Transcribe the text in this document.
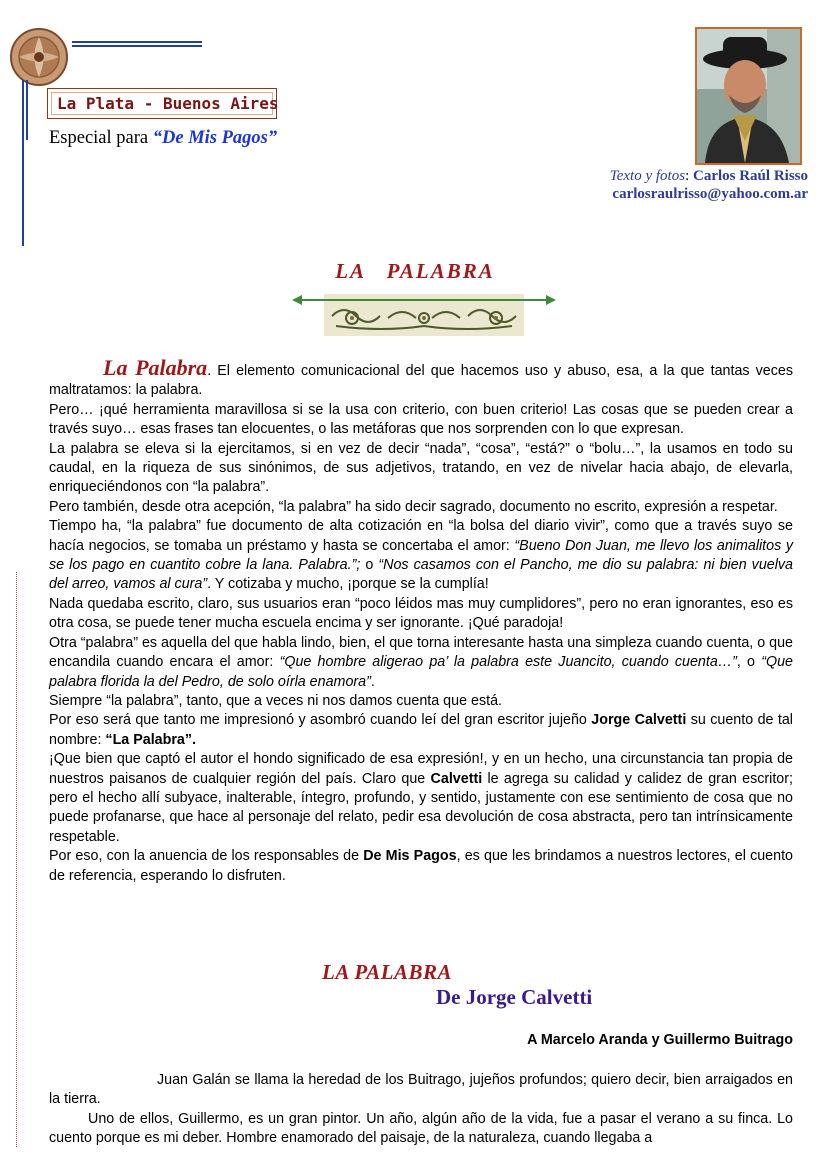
La Plata - Buenos Aires
Especial para “De Mis Pagos”
Texto y fotos: Carlos Raúl Risso
carlosraulrisso@yahoo.com.ar
LA   PALABRA

La Palabra. El elemento comunicacional del que hacemos uso y abuso, esa, a la que tantas veces maltratamos: la palabra.

Pero… ¡qué herramienta maravillosa si se la usa con criterio, con buen criterio! Las cosas que se pueden crear a través suyo… esas frases tan elocuentes, o las metáforas que nos sorprenden con lo que expresan.

La palabra se eleva si la ejercitamos, si en vez de decir “nada”, “cosa”, “está?” o “bolu…”, la usamos en todo su caudal, en la riqueza de sus sinónimos, de sus adjetivos, tratando, en vez de nivelar hacia abajo, de elevarla, enriqueciéndonos con “la palabra”.

Pero también, desde otra acepción, “la palabra” ha sido decir sagrado, documento no escrito, expresión a respetar.

Tiempo ha, “la palabra” fue documento de alta cotización en “la bolsa del diario vivir”, como que a través suyo se hacía negocios, se tomaba un préstamo y hasta se concertaba el amor: “Bueno Don Juan, me llevo los animalitos y se los pago en cuantito cobre la lana. Palabra.”; o “Nos casamos con el Pancho, me dio su palabra: ni bien vuelva del arreo, vamos al cura”. Y cotizaba y mucho, ¡porque se la cumplía!

Nada quedaba escrito, claro, sus usuarios eran “poco léidos mas muy cumplidores”, pero no eran ignorantes, eso es otra cosa, se puede tener mucha escuela encima y ser ignorante. ¡Qué paradoja!

Otra “palabra” es aquella del que habla lindo, bien, el que torna interesante hasta una simpleza cuando cuenta, o que encandila cuando encara el amor: “Que hombre aligerao pa’ la palabra este Juancito, cuando cuenta…”, o “Que palabra florida la del Pedro, de solo oírla enamora”.

Siempre “la palabra”, tanto, que a veces ni nos damos cuenta que está.

Por eso será que tanto me impresionó y asombró cuando leí del gran escritor jujeño Jorge Calvetti su cuento de tal nombre: “La Palabra”.

¡Que bien que captó el autor el hondo significado de esa expresión!, y en un hecho, una circunstancia tan propia de nuestros paisanos de cualquier región del país. Claro que Calvetti le agrega su calidad y calidez de gran escritor; pero el hecho allí subyace, inalterable, íntegro, profundo, y sentido, justamente con ese sentimiento de cosa que no puede profanarse, que hace al personaje del relato, pedir esa devolución de cosa abstracta, pero tan intrínsicamente respetable.

Por eso, con la anuencia de los responsables de De Mis Pagos, es que les brindamos a nuestros lectores, el cuento de referencia, esperando lo disfruten.

LA PALABRA
De Jorge Calvetti
A Marcelo Aranda y Guillermo Buitrago

Juan Galán se llama la heredad de los Buitrago, jujeños profundos; quiero decir, bien arraigados en la tierra.

Uno de ellos, Guillermo, es un gran pintor. Un año, algún año de la vida, fue a pasar el verano a su finca. Lo cuento porque es mi deber. Hombre enamorado del paisaje, de la naturaleza, cuando llegaba a
